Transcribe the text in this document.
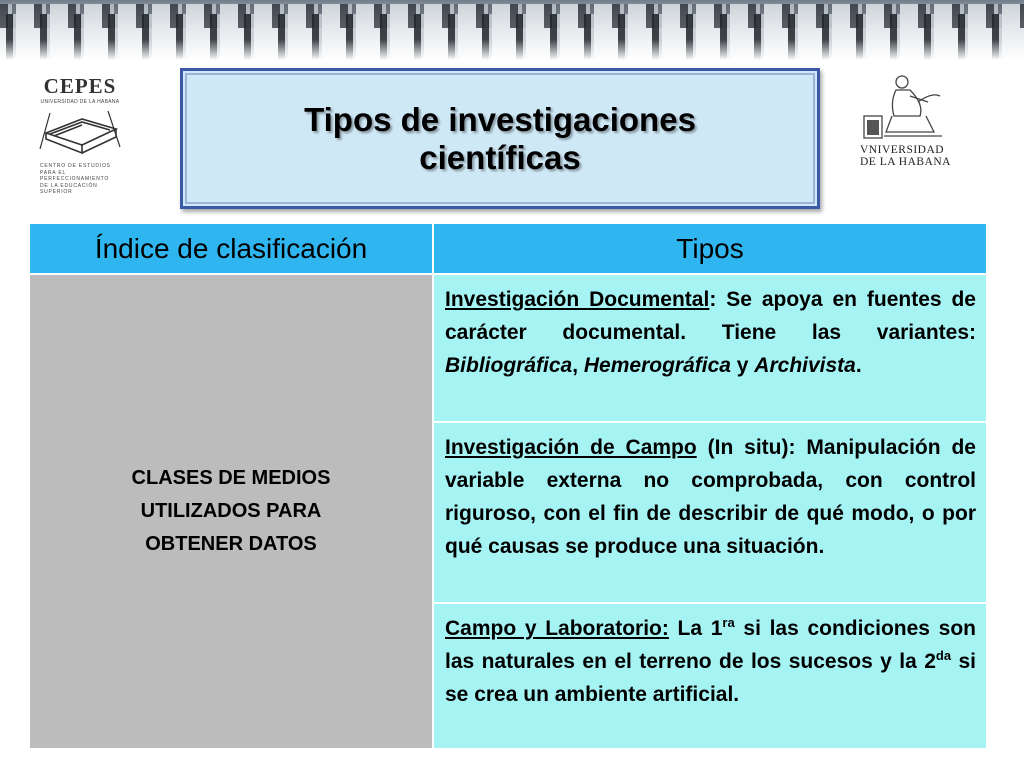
CEPES
UNIVERSIDAD DE LA HABANA
CENTRO DE ESTUDIOS
PARA EL PERFECCIONAMIENTO
DE LA EDUCACIÓN SUPERIOR
VNIVERSIDAD
DE LA HABANA
Tipos de investigaciones
científicas
Índice de clasificación	Tipos
CLASES DE MEDIOS
UTILIZADOS PARA
OBTENER DATOS	Investigación Documental: Se apoya en fuentes de carácter documental. Tiene las variantes: Bibliográfica, Hemerográfica y Archivista.
	Investigación de Campo (In situ): Manipulación de variable externa no comprobada, con control riguroso, con el fin de describir de qué modo, o por qué causas se produce una situación.
	Campo y Laboratorio: La $1^{ra}$ si las condiciones son las naturales en el terreno de los sucesos y la $2^{da}$ si se crea un ambiente artificial.
